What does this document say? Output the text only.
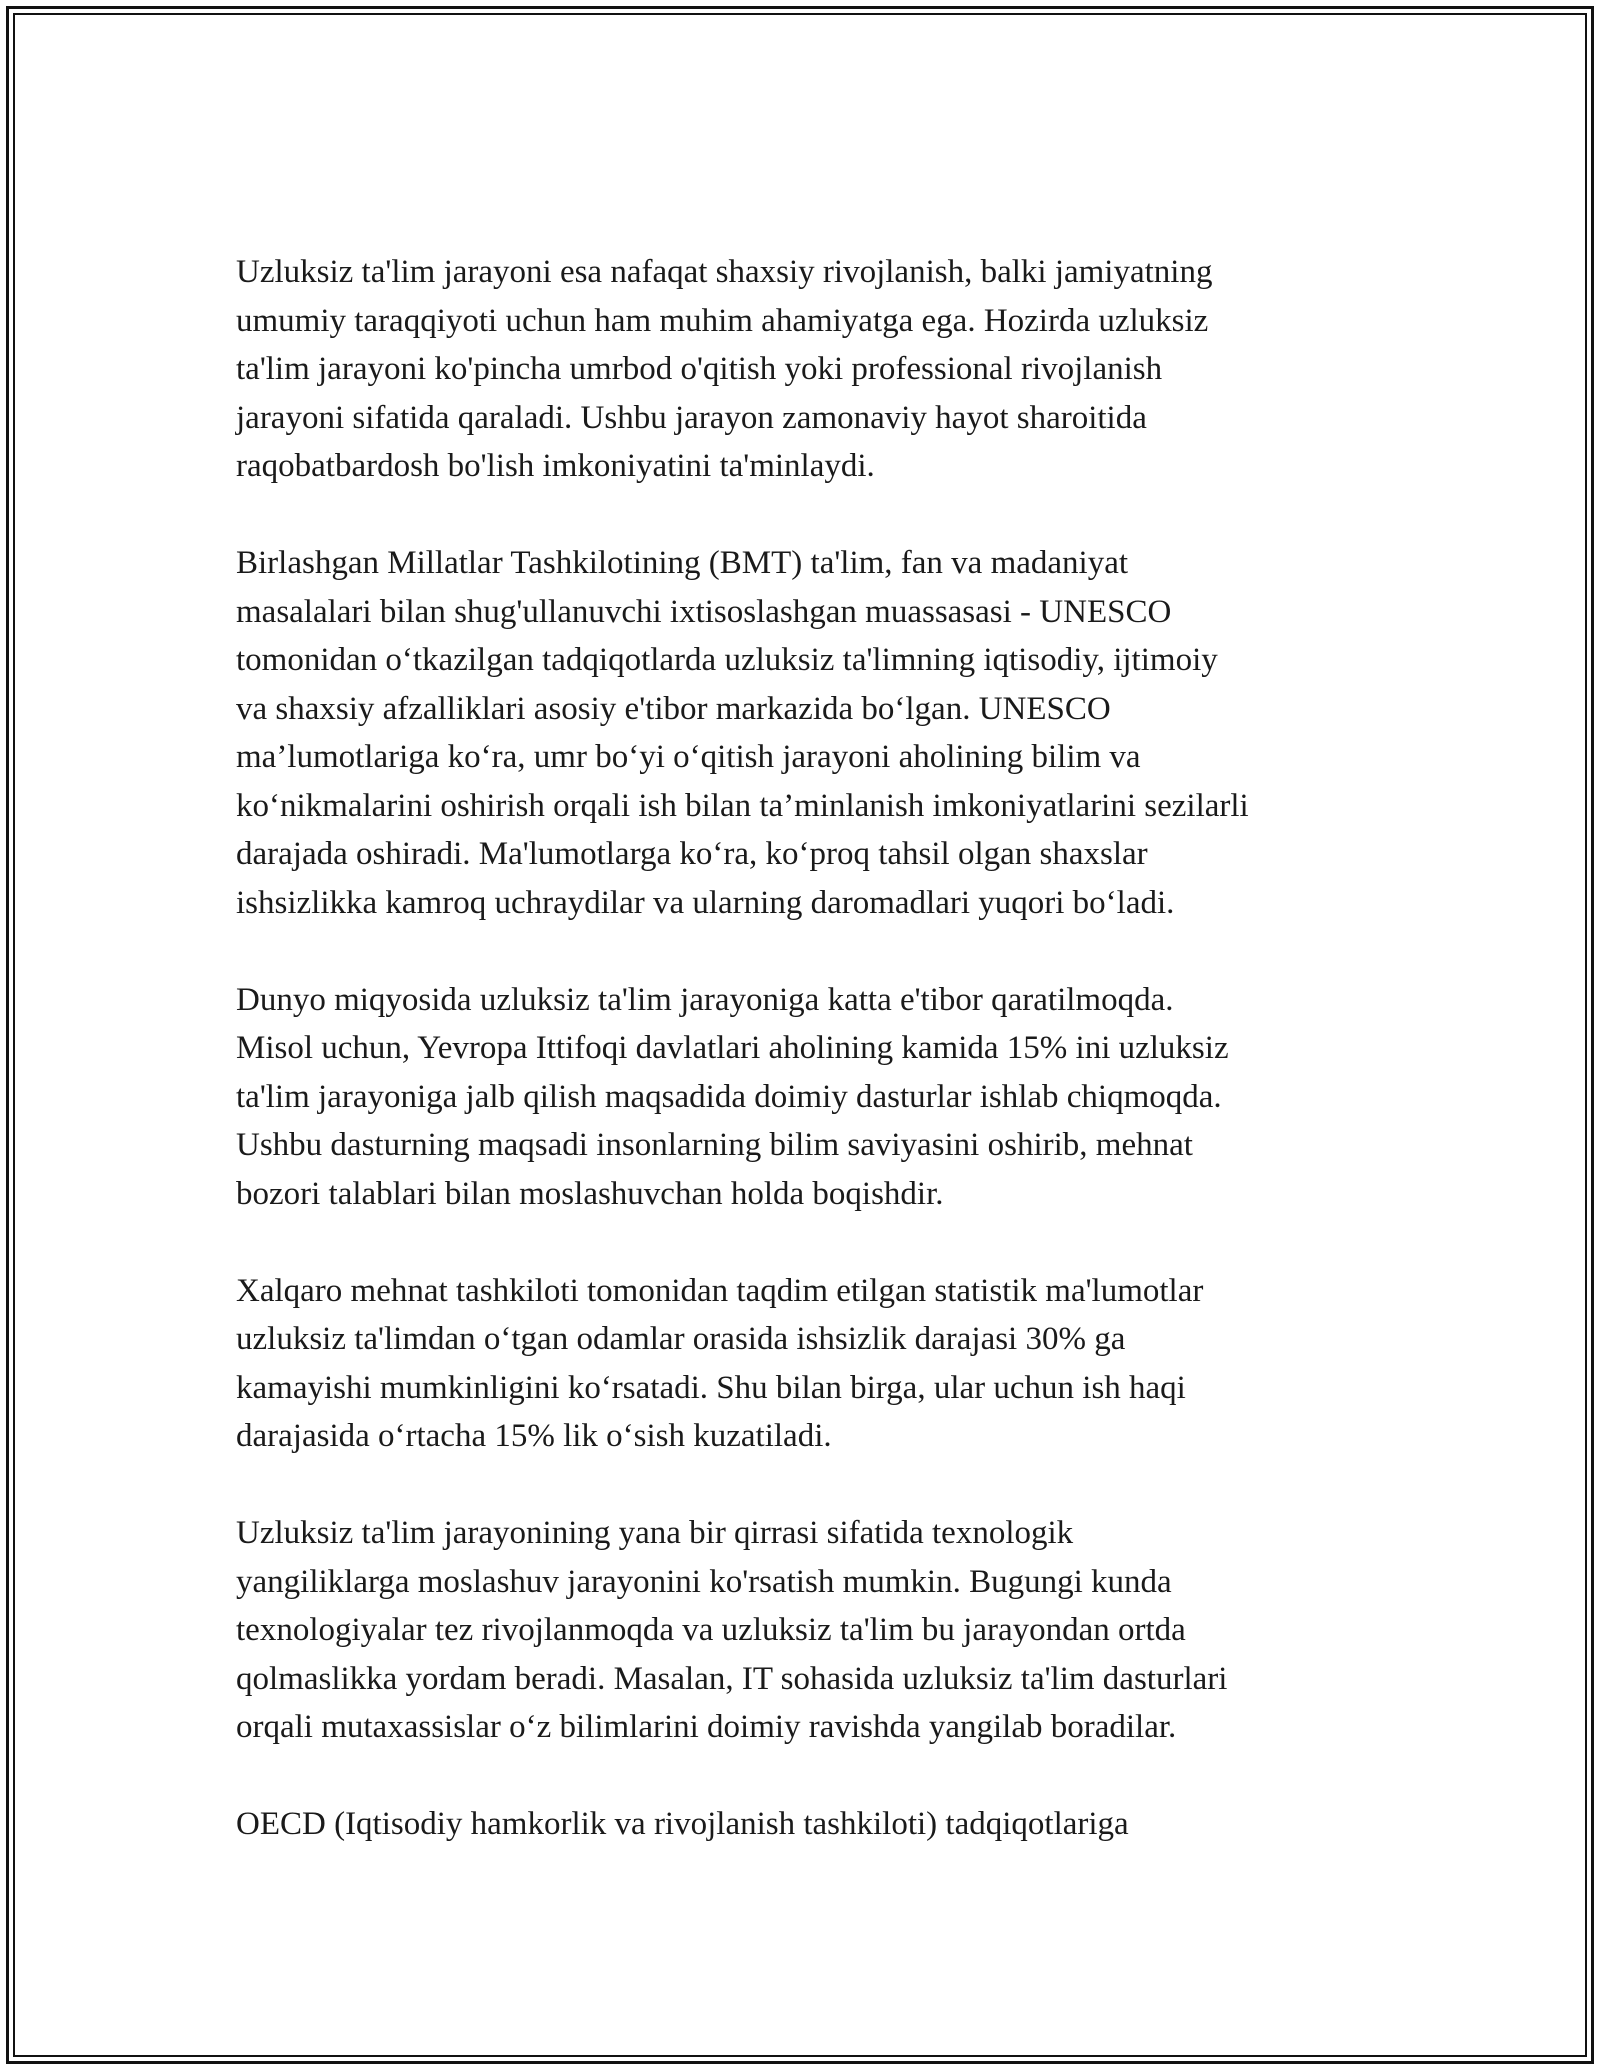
Uzluksiz ta'lim jarayoni esa nafaqat shaxsiy rivojlanish, balki jamiyatning
umumiy taraqqiyoti uchun ham muhim ahamiyatga ega. Hozirda uzluksiz
ta'lim jarayoni ko'pincha umrbod o'qitish yoki professional rivojlanish
jarayoni sifatida qaraladi. Ushbu jarayon zamonaviy hayot sharoitida
raqobatbardosh bo'lish imkoniyatini ta'minlaydi.

Birlashgan Millatlar Tashkilotining (BMT) ta'lim, fan va madaniyat
masalalari bilan shug'ullanuvchi ixtisoslashgan muassasasi - UNESCO
tomonidan o‘tkazilgan tadqiqotlarda uzluksiz ta'limning iqtisodiy, ijtimoiy
va shaxsiy afzalliklari asosiy e'tibor markazida bo‘lgan. UNESCO
ma’lumotlariga ko‘ra, umr bo‘yi o‘qitish jarayoni aholining bilim va
ko‘nikmalarini oshirish orqali ish bilan ta’minlanish imkoniyatlarini sezilarli
darajada oshiradi. Ma'lumotlarga ko‘ra, ko‘proq tahsil olgan shaxslar
ishsizlikka kamroq uchraydilar va ularning daromadlari yuqori bo‘ladi.

Dunyo miqyosida uzluksiz ta'lim jarayoniga katta e'tibor qaratilmoqda.
Misol uchun, Yevropa Ittifoqi davlatlari aholining kamida 15% ini uzluksiz
ta'lim jarayoniga jalb qilish maqsadida doimiy dasturlar ishlab chiqmoqda.
Ushbu dasturning maqsadi insonlarning bilim saviyasini oshirib, mehnat
bozori talablari bilan moslashuvchan holda boqishdir.

Xalqaro mehnat tashkiloti tomonidan taqdim etilgan statistik ma'lumotlar
uzluksiz ta'limdan o‘tgan odamlar orasida ishsizlik darajasi 30% ga
kamayishi mumkinligini ko‘rsatadi. Shu bilan birga, ular uchun ish haqi
darajasida o‘rtacha 15% lik o‘sish kuzatiladi.

Uzluksiz ta'lim jarayonining yana bir qirrasi sifatida texnologik
yangiliklarga moslashuv jarayonini ko'rsatish mumkin. Bugungi kunda
texnologiyalar tez rivojlanmoqda va uzluksiz ta'lim bu jarayondan ortda
qolmaslikka yordam beradi. Masalan, IT sohasida uzluksiz ta'lim dasturlari
orqali mutaxassislar o‘z bilimlarini doimiy ravishda yangilab boradilar.

OECD (Iqtisodiy hamkorlik va rivojlanish tashkiloti) tadqiqotlariga
